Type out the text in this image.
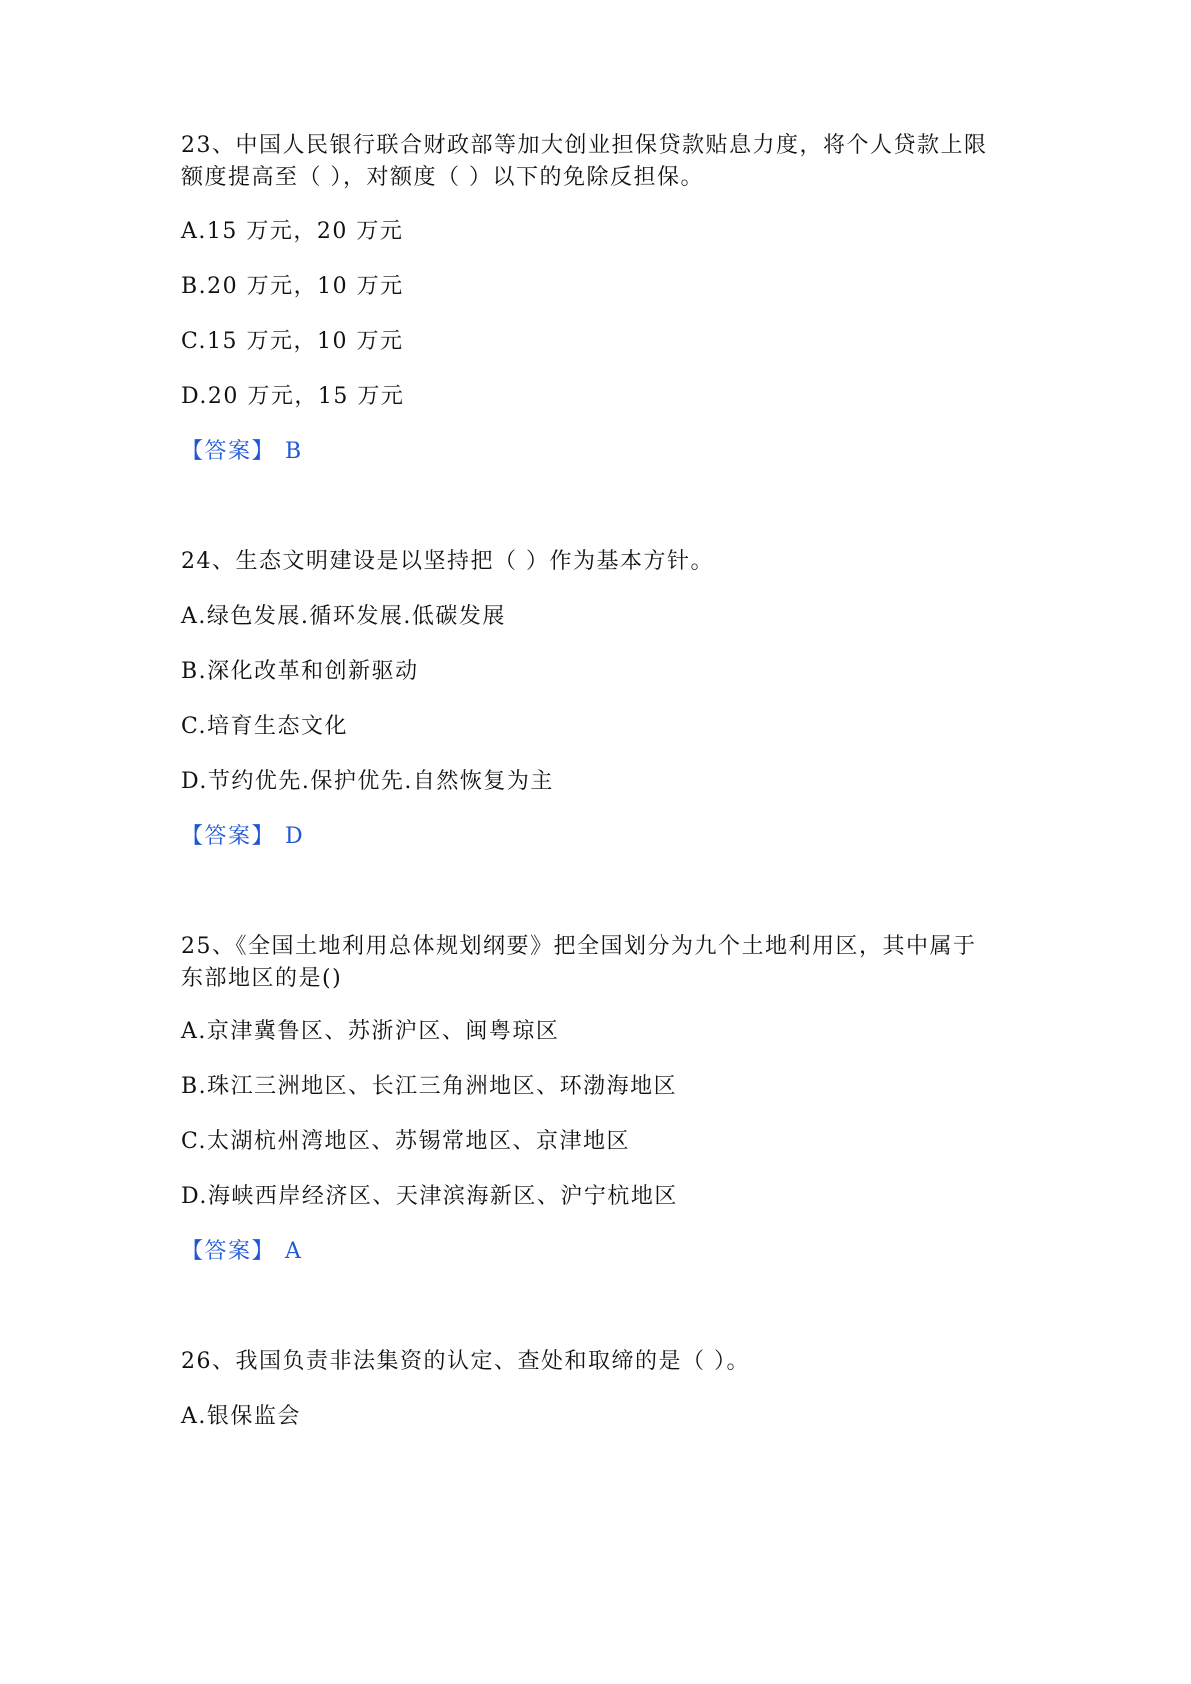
23、中国人民银行联合财政部等加大创业担保贷款贴息力度，将个人贷款上限
额度提高至（ ），对额度（ ）以下的免除反担保。
A.15 万元，20 万元
B.20 万元，10 万元
C.15 万元，10 万元
D.20 万元，15 万元
【答案】 B
24、生态文明建设是以坚持把（ ）作为基本方针。
A.绿色发展.循环发展.低碳发展
B.深化改革和创新驱动
C.培育生态文化
D.节约优先.保护优先.自然恢复为主
【答案】 D
25、《全国土地利用总体规划纲要》把全国划分为九个土地利用区，其中属于
东部地区的是()
A.京津冀鲁区、苏浙沪区、闽粤琼区
B.珠江三洲地区、长江三角洲地区、环渤海地区
C.太湖杭州湾地区、苏锡常地区、京津地区
D.海峡西岸经济区、天津滨海新区、沪宁杭地区
【答案】 A
26、我国负责非法集资的认定、查处和取缔的是（ ）。
A.银保监会
